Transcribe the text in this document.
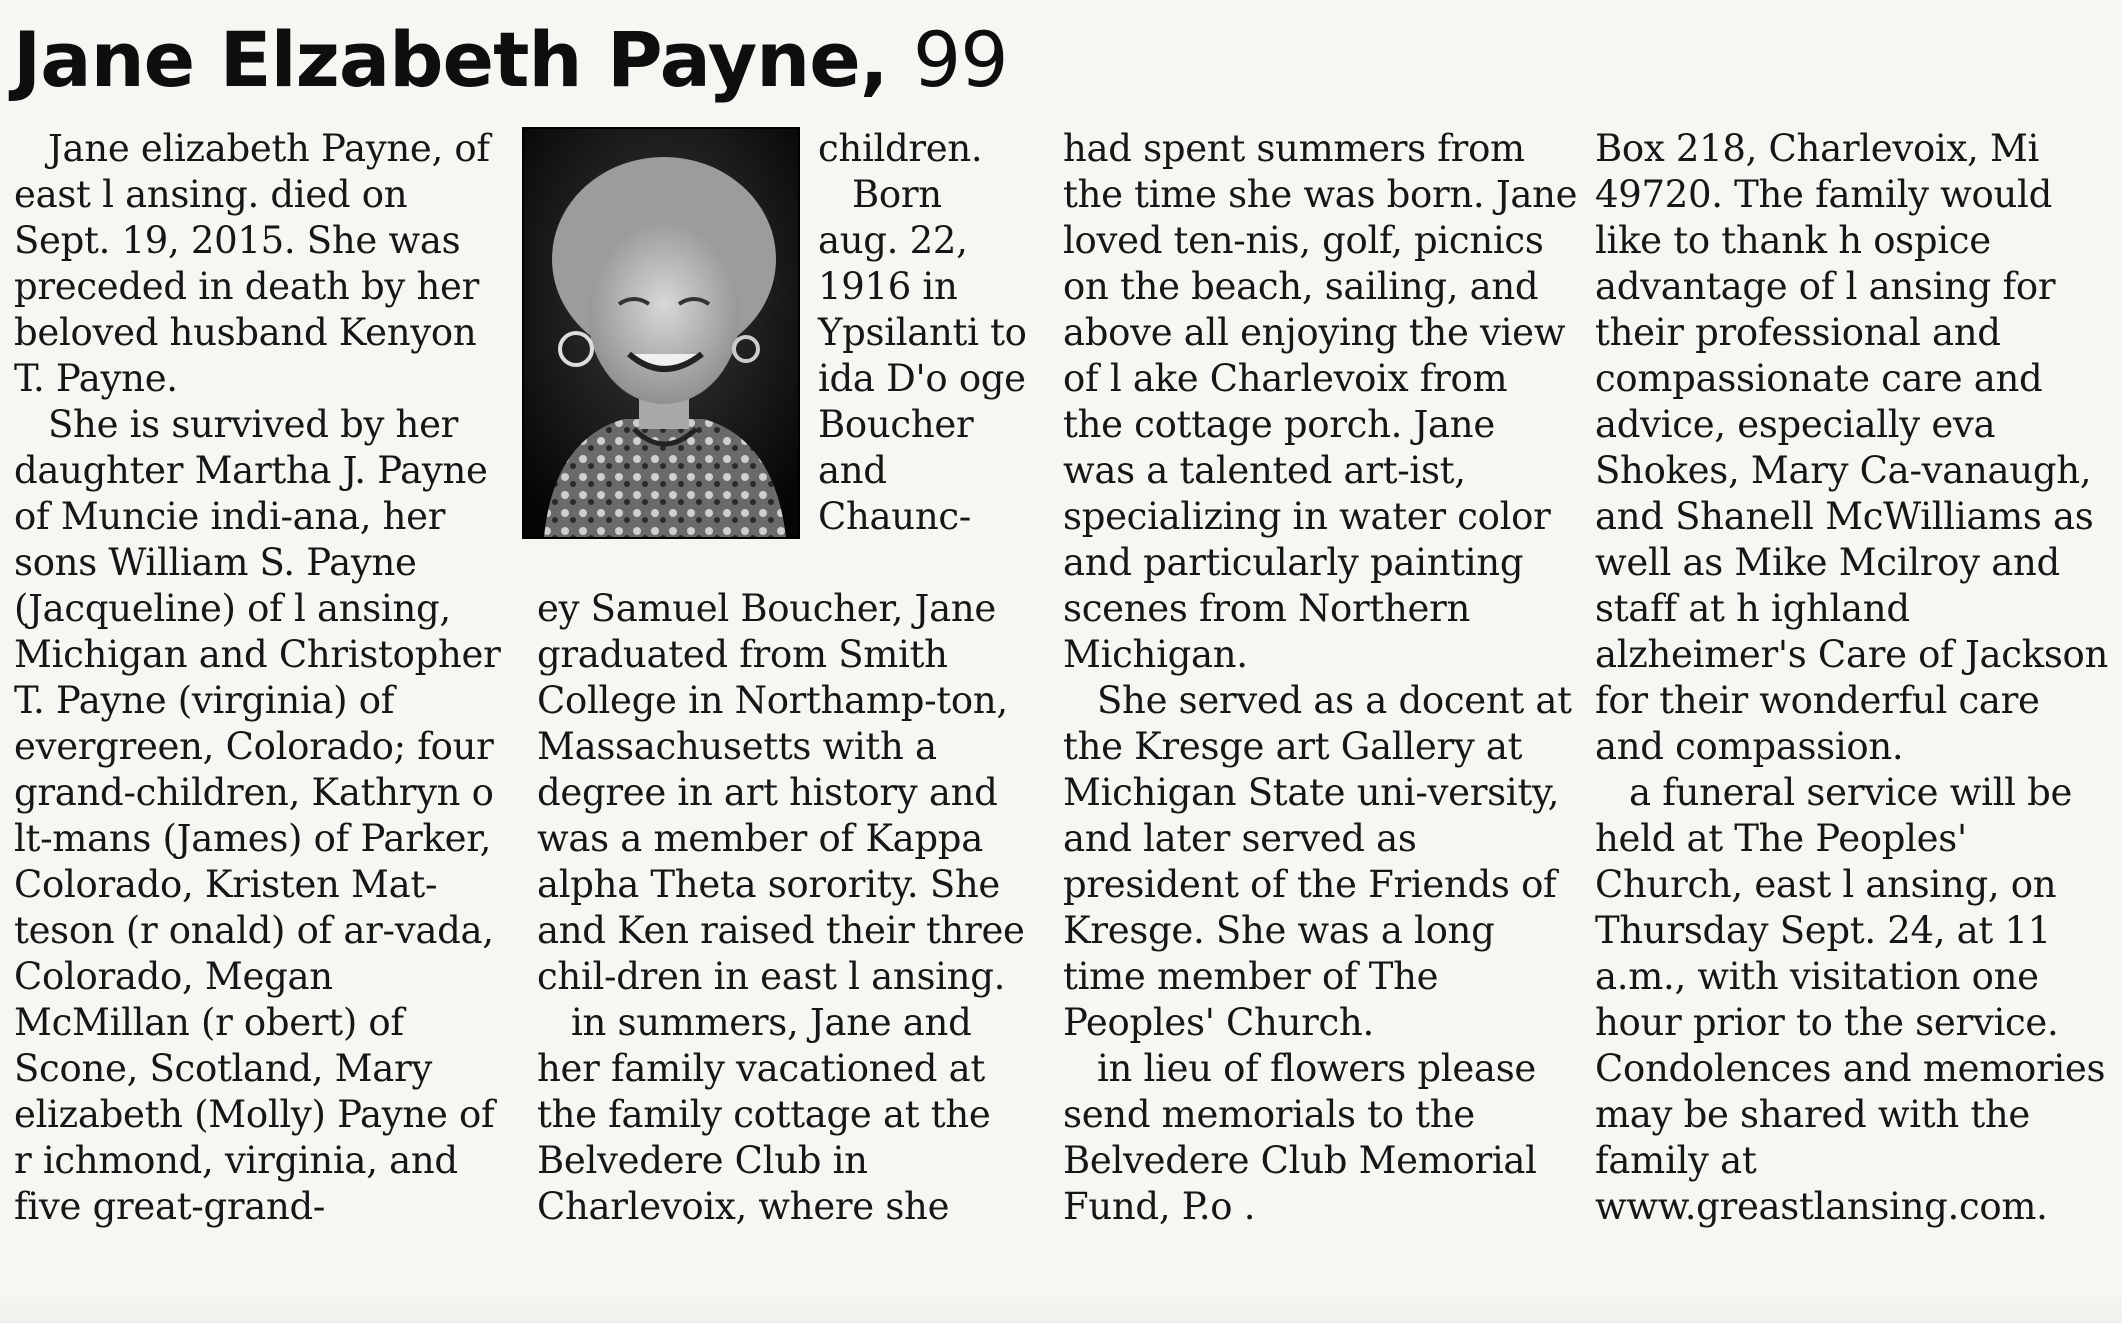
Jane Elzabeth Payne, 99

Jane elizabeth Payne, of east l ansing. died on Sept. 19, 2015. She was preceded in death by her beloved husband Kenyon T. Payne.

She is survived by her daughter Martha J. Payne of Muncie indi-ana, her sons William S. Payne (Jacqueline) of l ansing, Michigan and Christopher T. Payne (virginia) of evergreen, Colorado; four grand-children, Kathryn o lt-mans (James) of Parker, Colorado, Kristen Mat-teson (r onald) of ar-vada, Colorado, Megan McMillan (r obert) of Scone, Scotland, Mary elizabeth (Molly) Payne of r ichmond, virginia, and five great-grand-

children.

Born aug. 22, 1916 in Ypsilanti to ida D'o oge Boucher and Chaunc-

ey Samuel Boucher, Jane graduated from Smith College in Northamp-ton, Massachusetts with a degree in art history and was a member of Kappa alpha Theta sorority. She and Ken raised their three chil-dren in east l ansing.

in summers, Jane and her family vacationed at the family cottage at the Belvedere Club in Charlevoix, where she

had spent summers from the time she was born. Jane loved ten-nis, golf, picnics on the beach, sailing, and above all enjoying the view of l ake Charlevoix from the cottage porch. Jane was a talented art-ist, specializing in water color and particularly painting scenes from Northern Michigan.

She served as a docent at the Kresge art Gallery at Michigan State uni-versity, and later served as president of the Friends of Kresge. She was a long time member of The Peoples' Church.

in lieu of flowers please send memorials to the Belvedere Club Memorial Fund, P.o .

Box 218, Charlevoix, Mi 49720. The family would like to thank h ospice advantage of l ansing for their professional and compassionate care and advice, especially eva Shokes, Mary Ca-vanaugh, and Shanell McWilliams as well as Mike Mcilroy and staff at h ighland alzheimer's Care of Jackson for their wonderful care and compassion.

a funeral service will be held at The Peoples' Church, east l ansing, on Thursday Sept. 24, at 11 a.m., with visitation one hour prior to the service. Condolences and memories may be shared with the family at www.greastlansing.com.
